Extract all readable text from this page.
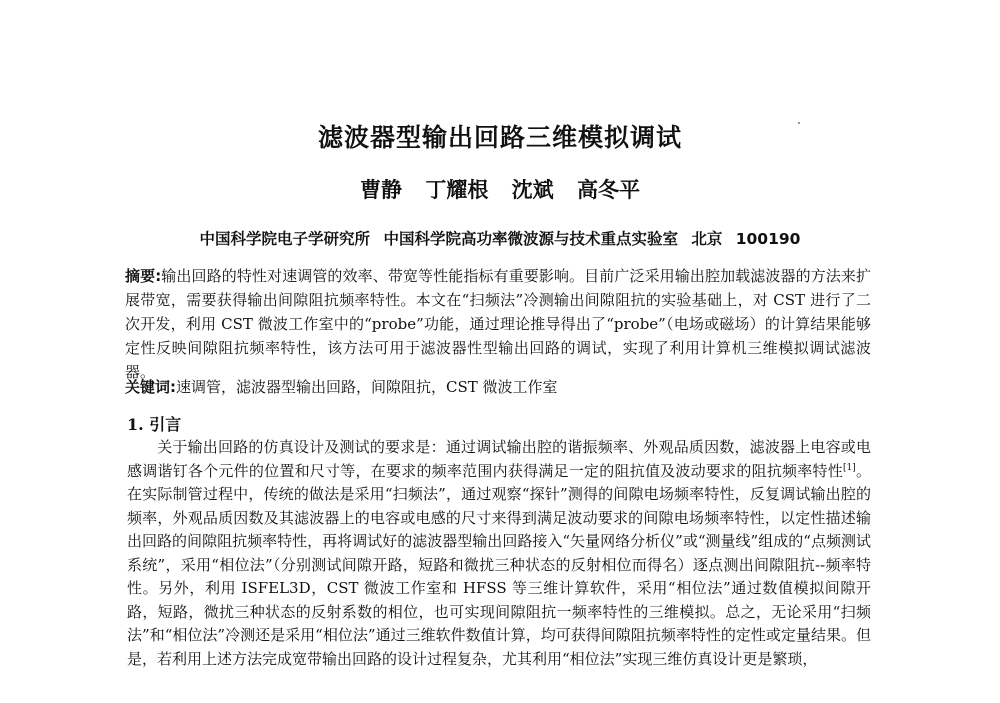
滤波器型输出回路三维模拟调试
曹静 丁耀根 沈斌 高冬平
中国科学院电子学研究所 中国科学院高功率微波源与技术重点实验室 北京 100190
摘要:输出回路的特性对速调管的效率、带宽等性能指标有重要影响。目前广泛采用输出腔加载滤波器的方法来扩展带宽，需要获得输出间隙阻抗频率特性。本文在“扫频法”冷测输出间隙阻抗的实验基础上，对 CST 进行了二次开发，利用 CST 微波工作室中的“probe”功能，通过理论推导得出了“probe”（电场或磁场）的计算结果能够定性反映间隙阻抗频率特性，该方法可用于滤波器性型输出回路的调试，实现了利用计算机三维模拟调试滤波器。
关键词:速调管，滤波器型输出回路，间隙阻抗，CST 微波工作室
1. 引言
关于输出回路的仿真设计及测试的要求是：通过调试输出腔的谐振频率、外观品质因数，滤波器上电容或电感调谐钉各个元件的位置和尺寸等，在要求的频率范围内获得满足一定的阻抗值及波动要求的阻抗频率特性[1]。在实际制管过程中，传统的做法是采用“扫频法”，通过观察“探针”测得的间隙电场频率特性，反复调试输出腔的频率，外观品质因数及其滤波器上的电容或电感的尺寸来得到满足波动要求的间隙电场频率特性，以定性描述输出回路的间隙阻抗频率特性，再将调试好的滤波器型输出回路接入“矢量网络分析仪”或“测量线”组成的“点频测试系统”，采用“相位法”（分别测试间隙开路，短路和微扰三种状态的反射相位而得名）逐点测出间隙阻抗--频率特性。另外，利用 ISFEL3D，CST 微波工作室和 HFSS 等三维计算软件，采用“相位法”通过数值模拟间隙开路，短路，微扰三种状态的反射系数的相位，也可实现间隙阻抗一频率特性的三维模拟。总之，无论采用“扫频法”和“相位法”冷测还是采用“相位法”通过三维软件数值计算，均可获得间隙阻抗频率特性的定性或定量结果。但是，若利用上述方法完成宽带输出回路的设计过程复杂，尤其利用“相位法”实现三维仿真设计更是繁琐，
